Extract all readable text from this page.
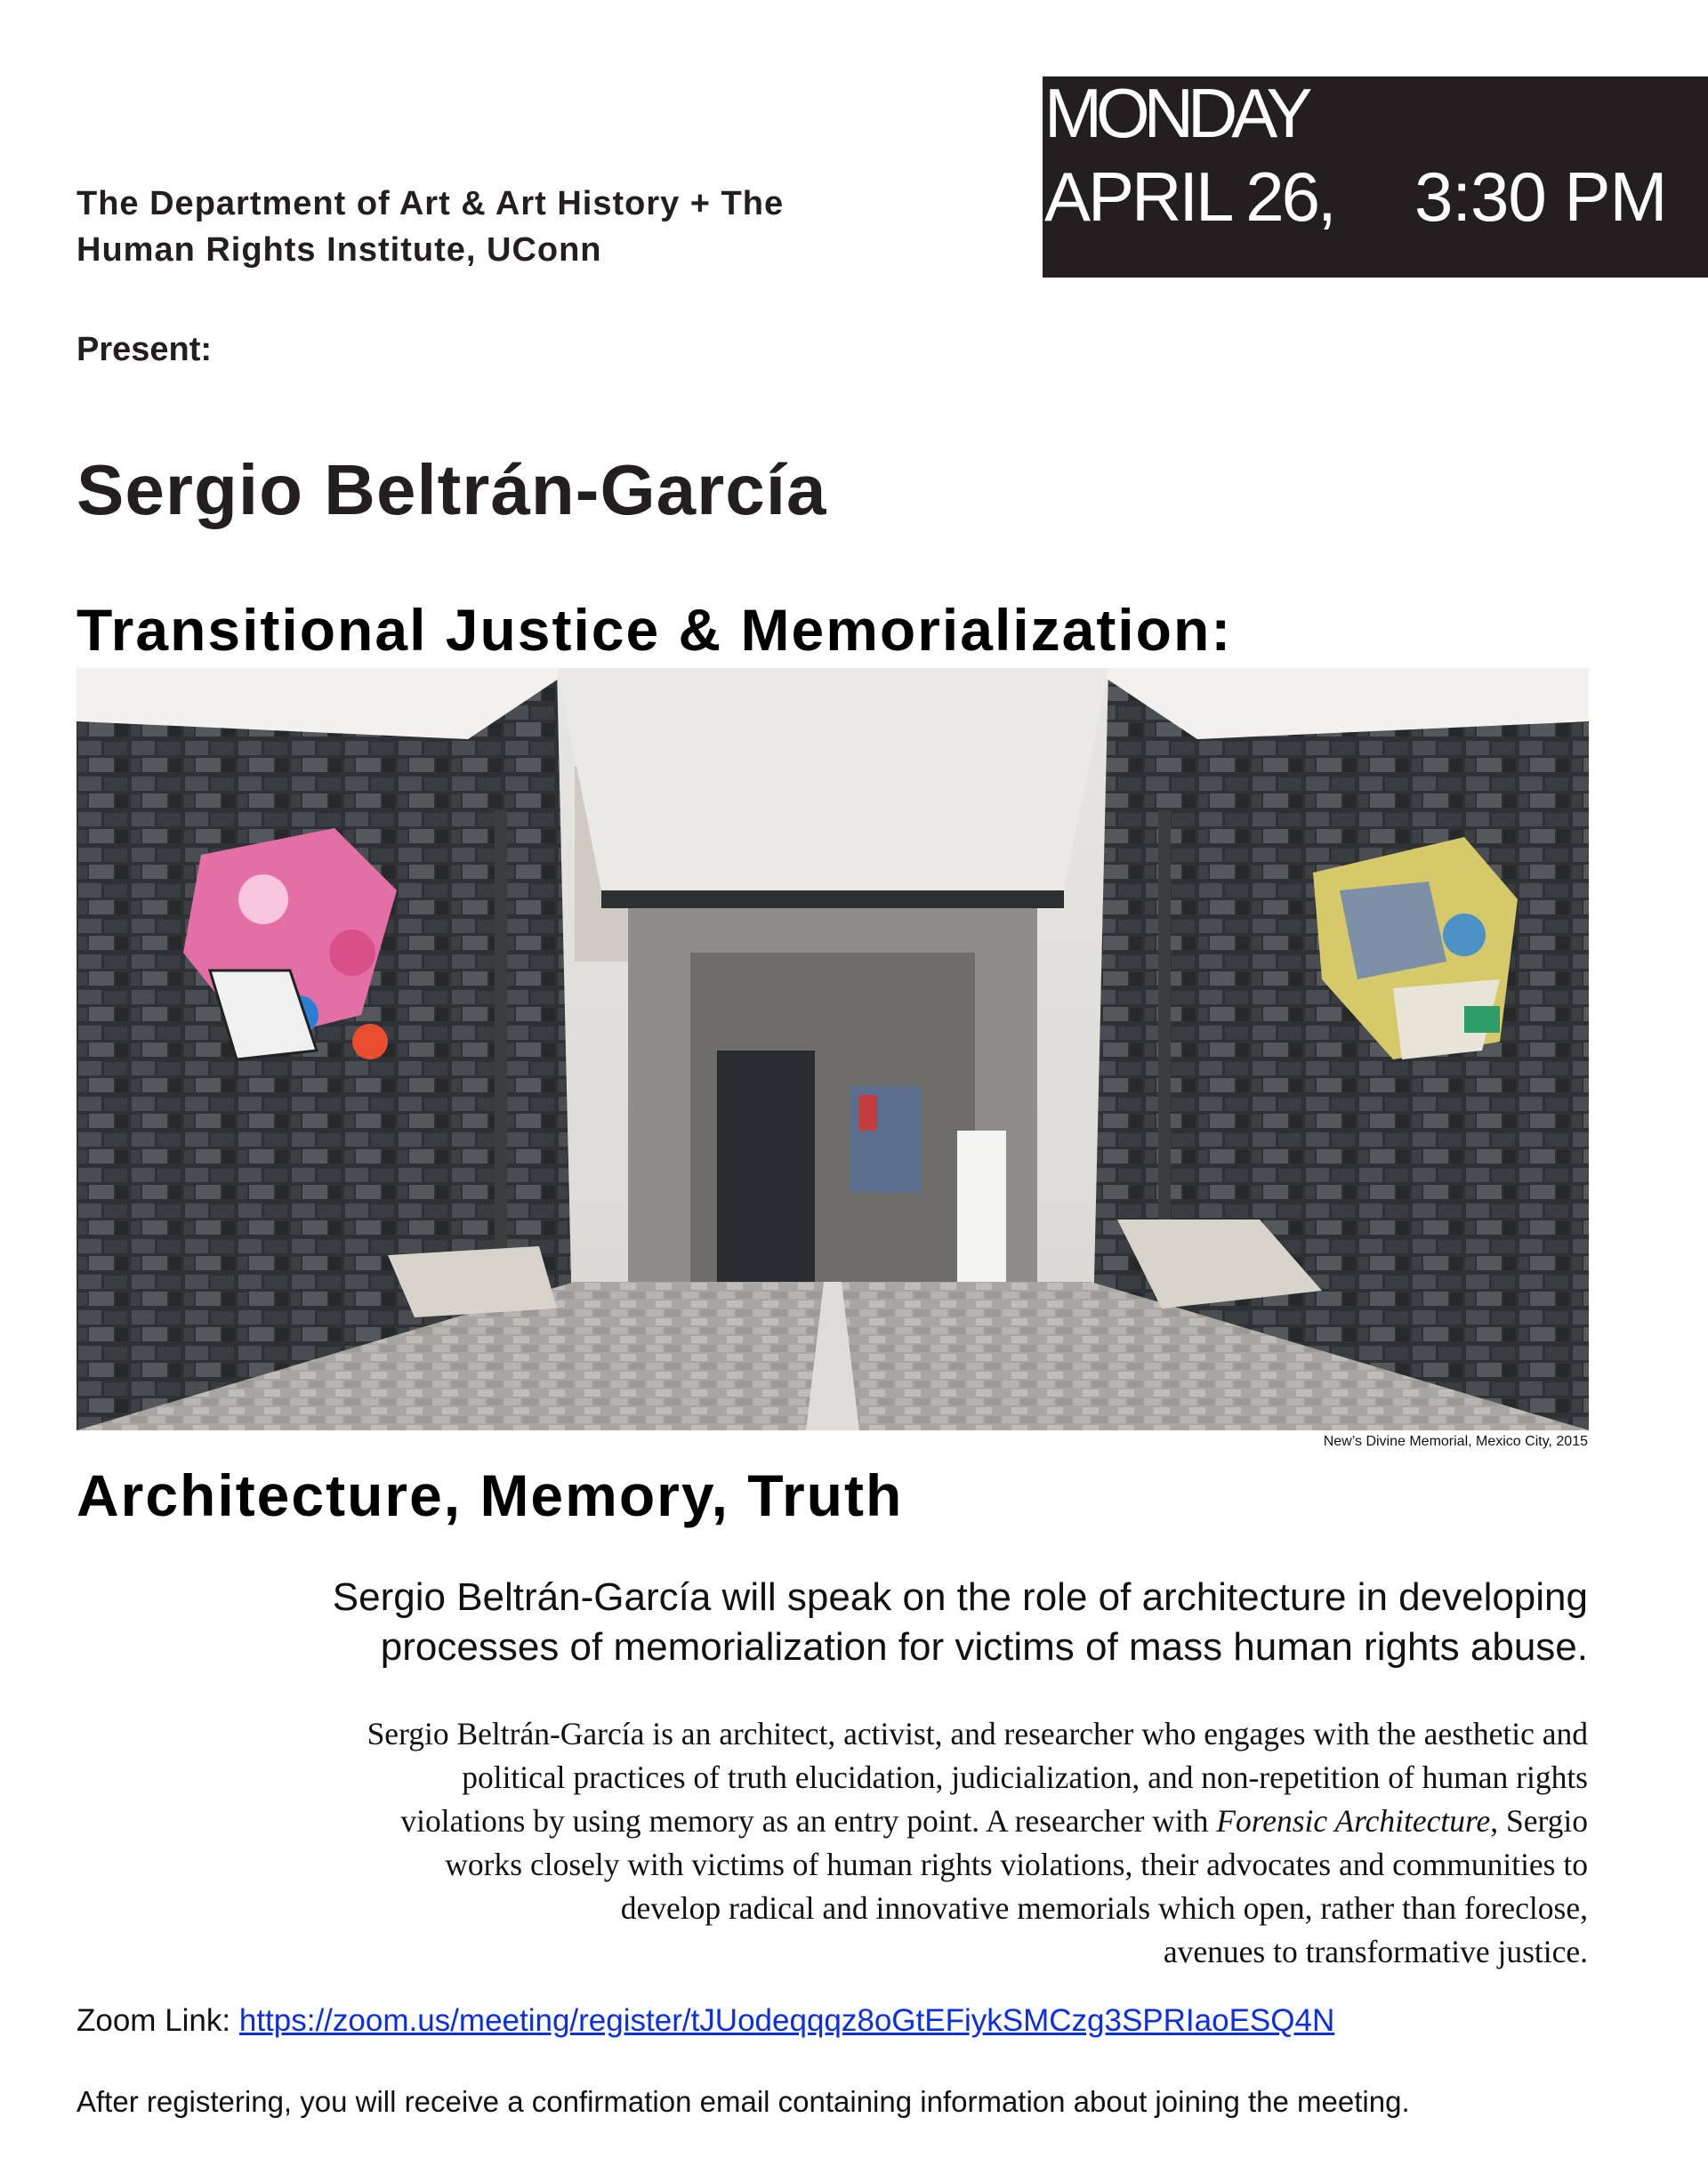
MONDAY
APRIL 26, 3:30 PM
The Department of Art & Art History + The
Human Rights Institute, UConn
Present:
Sergio Beltrán-García
Transitional Justice & Memorialization:
New’s Divine Memorial, Mexico City, 2015
Architecture, Memory, Truth
Sergio Beltrán-García will speak on the role of architecture in developing
processes of memorialization for victims of mass human rights abuse.
Sergio Beltrán-García is an architect, activist, and researcher who engages with the aesthetic and
political practices of truth elucidation, judicialization, and non-repetition of human rights
violations by using memory as an entry point. A researcher with Forensic Architecture, Sergio
works closely with victims of human rights violations, their advocates and communities to
develop radical and innovative memorials which open, rather than foreclose,
avenues to transformative justice.
Zoom Link: https://zoom.us/meeting/register/tJUodeqqqz8oGtEFiykSMCzg3SPRIaoESQ4N
After registering, you will receive a confirmation email containing information about joining the meeting.
